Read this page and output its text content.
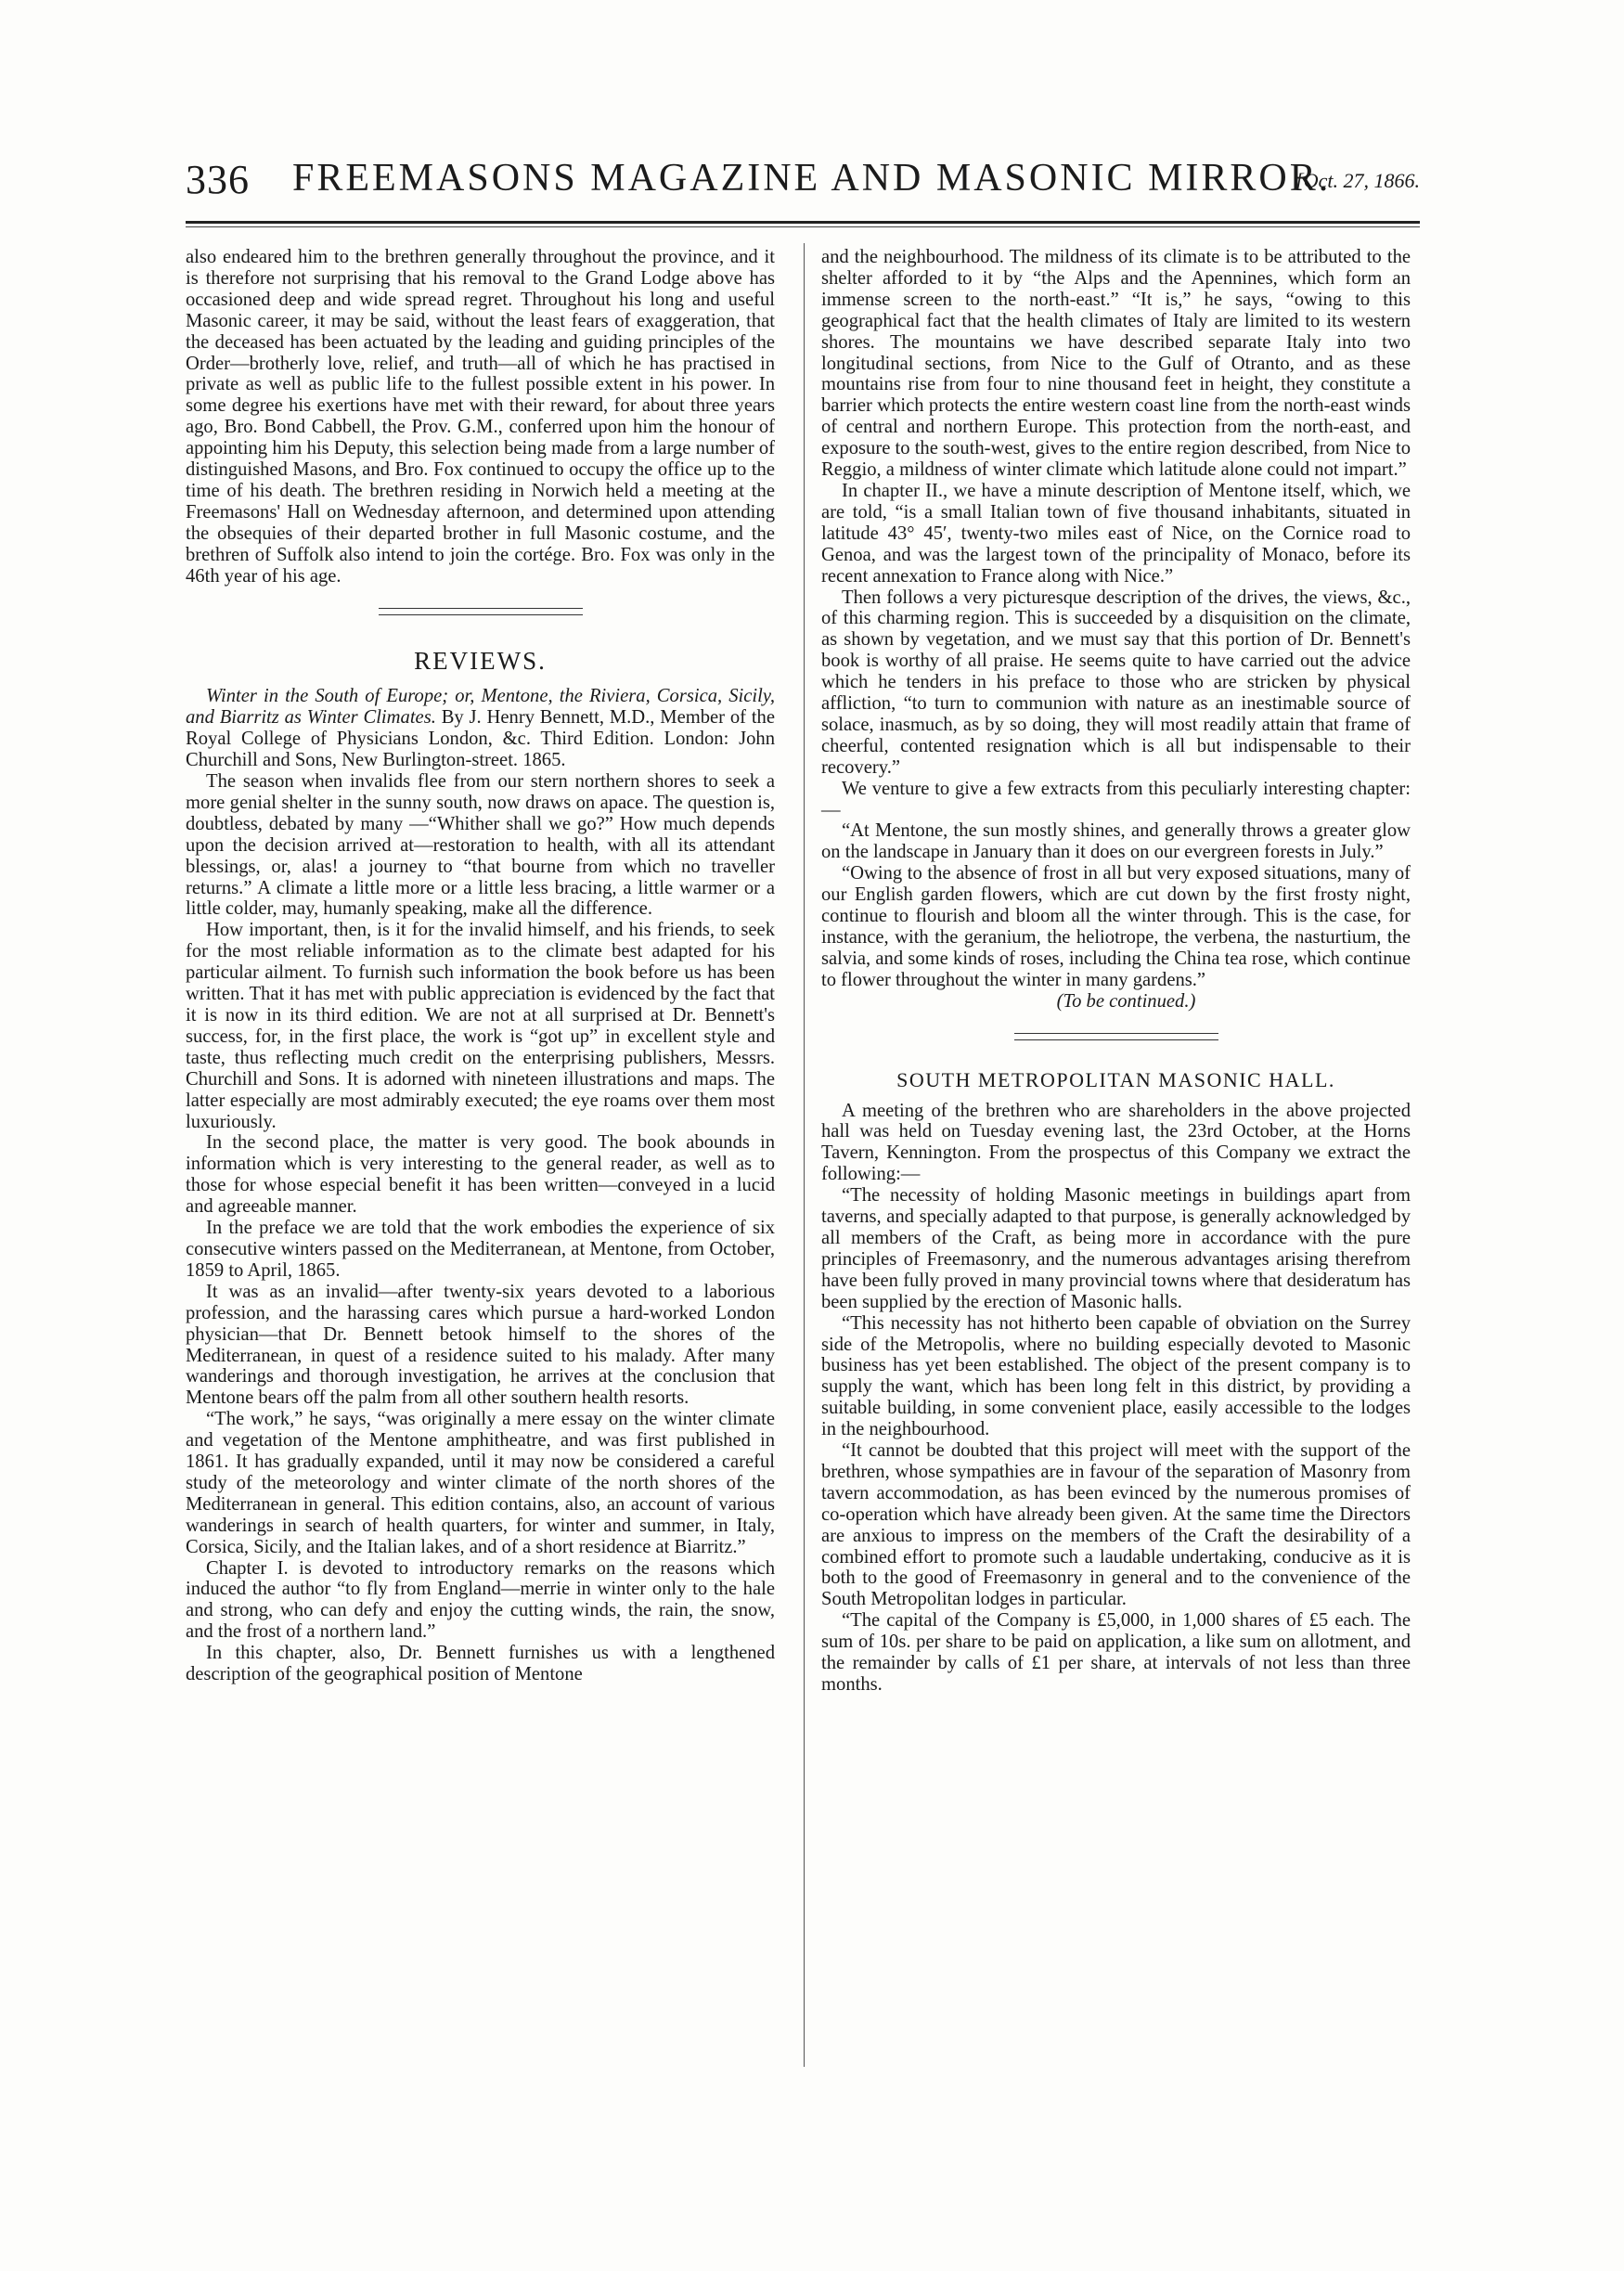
336 FREEMASONS MAGAZINE AND MASONIC MIRROR.
[Oct. 27, 1866.

also endeared him to the brethren generally throughout the province, and it is therefore not surprising that his removal to the Grand Lodge above has occasioned deep and wide spread regret. Throughout his long and useful Masonic career, it may be said, without the least fears of exaggeration, that the deceased has been actuated by the leading and guiding principles of the Order—brotherly love, relief, and truth—all of which he has practised in private as well as public life to the fullest possible extent in his power. In some degree his exertions have met with their reward, for about three years ago, Bro. Bond Cabbell, the Prov. G.M., conferred upon him the honour of appointing him his Deputy, this selection being made from a large number of distinguished Masons, and Bro. Fox continued to occupy the office up to the time of his death. The brethren residing in Norwich held a meeting at the Freemasons' Hall on Wednesday afternoon, and determined upon attending the obsequies of their departed brother in full Masonic costume, and the brethren of Suffolk also intend to join the cortége. Bro. Fox was only in the 46th year of his age.

REVIEWS.

Winter in the South of Europe; or, Mentone, the Riviera, Corsica, Sicily, and Biarritz as Winter Climates. By J. Henry Bennett, M.D., Member of the Royal College of Physicians London, &c. Third Edition. London: John Churchill and Sons, New Burlington-street. 1865.

The season when invalids flee from our stern northern shores to seek a more genial shelter in the sunny south, now draws on apace. The question is, doubtless, debated by many —“Whither shall we go?” How much depends upon the decision arrived at—restoration to health, with all its attendant blessings, or, alas! a journey to “that bourne from which no traveller returns.” A climate a little more or a little less bracing, a little warmer or a little colder, may, humanly speaking, make all the difference.

How important, then, is it for the invalid himself, and his friends, to seek for the most reliable information as to the climate best adapted for his particular ailment. To furnish such information the book before us has been written. That it has met with public appreciation is evidenced by the fact that it is now in its third edition. We are not at all surprised at Dr. Bennett's success, for, in the first place, the work is “got up” in excellent style and taste, thus reflecting much credit on the enterprising publishers, Messrs. Churchill and Sons. It is adorned with nineteen illustrations and maps. The latter especially are most admirably executed; the eye roams over them most luxuriously.

In the second place, the matter is very good. The book abounds in information which is very interesting to the general reader, as well as to those for whose especial benefit it has been written—conveyed in a lucid and agreeable manner.

In the preface we are told that the work embodies the experience of six consecutive winters passed on the Mediterranean, at Mentone, from October, 1859 to April, 1865.

It was as an invalid—after twenty-six years devoted to a laborious profession, and the harassing cares which pursue a hard-worked London physician—that Dr. Bennett betook himself to the shores of the Mediterranean, in quest of a residence suited to his malady. After many wanderings and thorough investigation, he arrives at the conclusion that Mentone bears off the palm from all other southern health resorts.

“The work,” he says, “was originally a mere essay on the winter climate and vegetation of the Mentone amphitheatre, and was first published in 1861. It has gradually expanded, until it may now be considered a careful study of the meteorology and winter climate of the north shores of the Mediterranean in general. This edition contains, also, an account of various wanderings in search of health quarters, for winter and summer, in Italy, Corsica, Sicily, and the Italian lakes, and of a short residence at Biarritz.”

Chapter I. is devoted to introductory remarks on the reasons which induced the author “to fly from England—merrie in winter only to the hale and strong, who can defy and enjoy the cutting winds, the rain, the snow, and the frost of a northern land.”

In this chapter, also, Dr. Bennett furnishes us with a lengthened description of the geographical position of Mentone

and the neighbourhood. The mildness of its climate is to be attributed to the shelter afforded to it by “the Alps and the Apennines, which form an immense screen to the north-east.” “It is,” he says, “owing to this geographical fact that the health climates of Italy are limited to its western shores. The mountains we have described separate Italy into two longitudinal sections, from Nice to the Gulf of Otranto, and as these mountains rise from four to nine thousand feet in height, they constitute a barrier which protects the entire western coast line from the north-east winds of central and northern Europe. This protection from the north-east, and exposure to the south-west, gives to the entire region described, from Nice to Reggio, a mildness of winter climate which latitude alone could not impart.”

In chapter II., we have a minute description of Mentone itself, which, we are told, “is a small Italian town of five thousand inhabitants, situated in latitude 43° 45′, twenty-two miles east of Nice, on the Cornice road to Genoa, and was the largest town of the principality of Monaco, before its recent annexation to France along with Nice.”

Then follows a very picturesque description of the drives, the views, &c., of this charming region. This is succeeded by a disquisition on the climate, as shown by vegetation, and we must say that this portion of Dr. Bennett's book is worthy of all praise. He seems quite to have carried out the advice which he tenders in his preface to those who are stricken by physical affliction, “to turn to communion with nature as an inestimable source of solace, inasmuch, as by so doing, they will most readily attain that frame of cheerful, contented resignation which is all but indispensable to their recovery.”

We venture to give a few extracts from this peculiarly interesting chapter:—

“At Mentone, the sun mostly shines, and generally throws a greater glow on the landscape in January than it does on our evergreen forests in July.”

“Owing to the absence of frost in all but very exposed situations, many of our English garden flowers, which are cut down by the first frosty night, continue to flourish and bloom all the winter through. This is the case, for instance, with the geranium, the heliotrope, the verbena, the nasturtium, the salvia, and some kinds of roses, including the China tea rose, which continue to flower throughout the winter in many gardens.”

(To be continued.)

SOUTH METROPOLITAN MASONIC HALL.

A meeting of the brethren who are shareholders in the above projected hall was held on Tuesday evening last, the 23rd October, at the Horns Tavern, Kennington. From the prospectus of this Company we extract the following:—

“The necessity of holding Masonic meetings in buildings apart from taverns, and specially adapted to that purpose, is generally acknowledged by all members of the Craft, as being more in accordance with the pure principles of Freemasonry, and the numerous advantages arising therefrom have been fully proved in many provincial towns where that desideratum has been supplied by the erection of Masonic halls.

“This necessity has not hitherto been capable of obviation on the Surrey side of the Metropolis, where no building especially devoted to Masonic business has yet been established. The object of the present company is to supply the want, which has been long felt in this district, by providing a suitable building, in some convenient place, easily accessible to the lodges in the neighbourhood.

“It cannot be doubted that this project will meet with the support of the brethren, whose sympathies are in favour of the separation of Masonry from tavern accommodation, as has been evinced by the numerous promises of co-operation which have already been given. At the same time the Directors are anxious to impress on the members of the Craft the desirability of a combined effort to promote such a laudable undertaking, conducive as it is both to the good of Freemasonry in general and to the convenience of the South Metropolitan lodges in particular.

“The capital of the Company is £5,000, in 1,000 shares of £5 each. The sum of 10s. per share to be paid on application, a like sum on allotment, and the remainder by calls of £1 per share, at intervals of not less than three months.
